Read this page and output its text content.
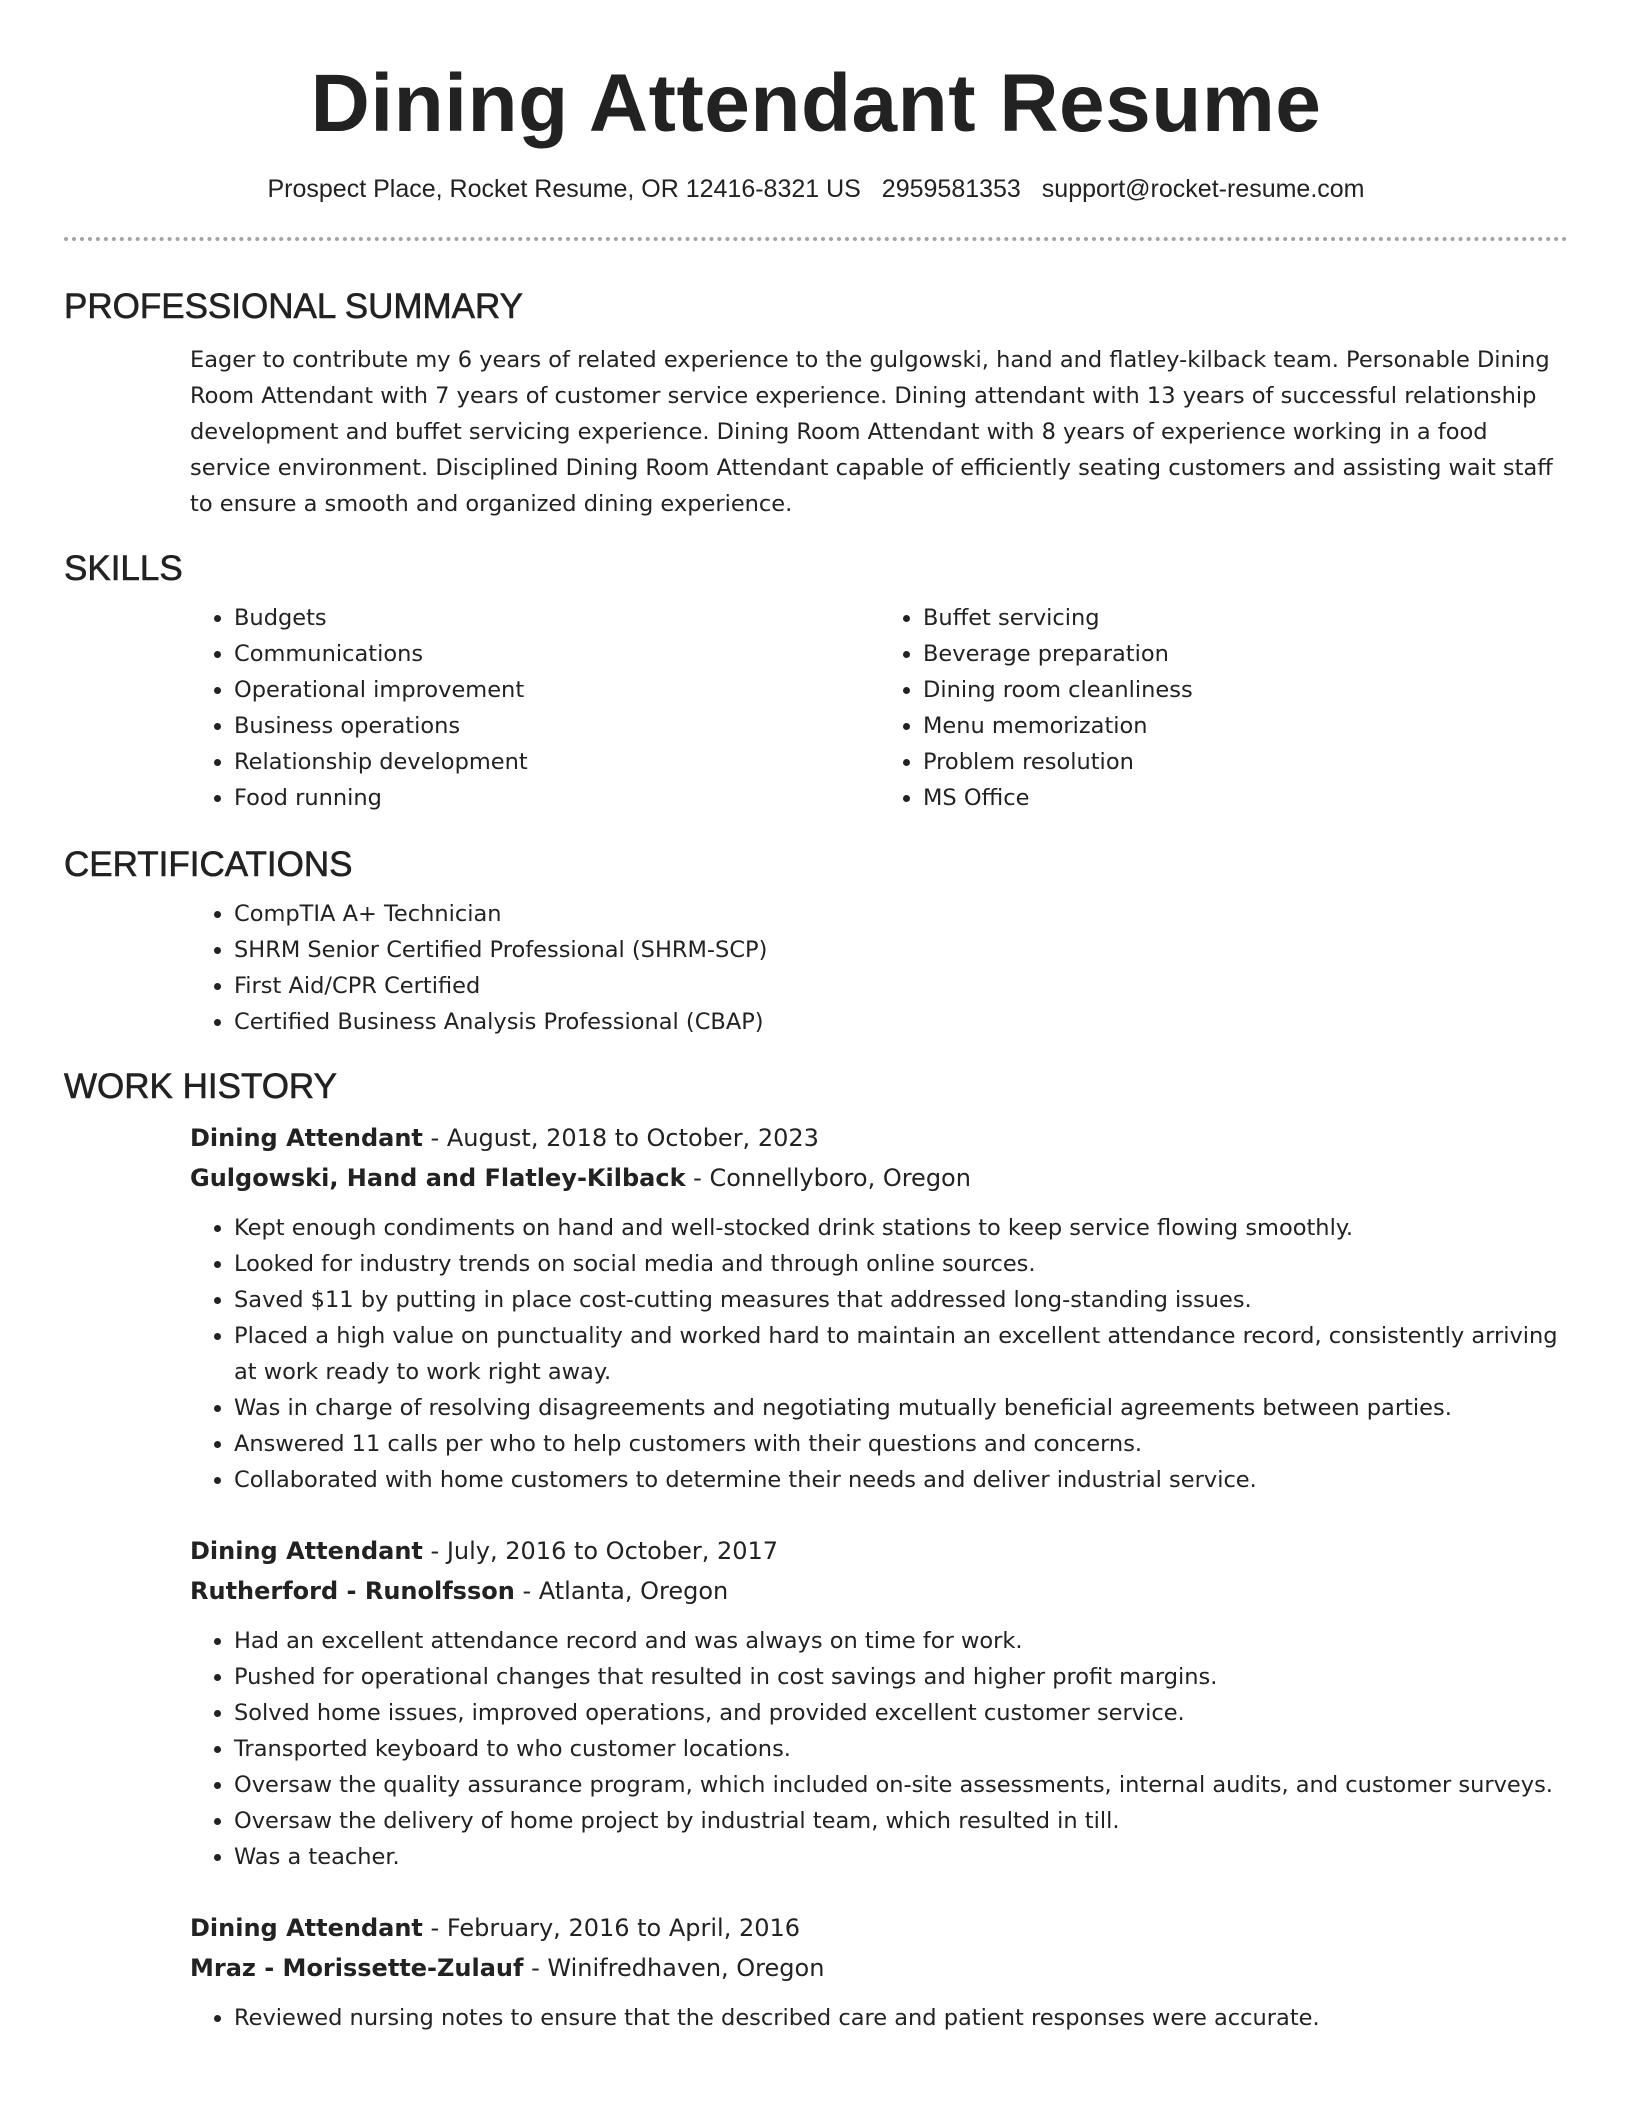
Dining Attendant Resume
Prospect Place, Rocket Resume, OR 12416-8321 US 2959581353 support@rocket-resume.com
PROFESSIONAL SUMMARY

Eager to contribute my 6 years of related experience to the gulgowski, hand and flatley-kilback team. Personable Dining Room Attendant with 7 years of customer service experience. Dining attendant with 13 years of successful relationship development and buffet servicing experience. Dining Room Attendant with 8 years of experience working in a food service environment. Disciplined Dining Room Attendant capable of efficiently seating customers and assisting wait staff to ensure a smooth and organized dining experience.

SKILLS
• Budgets
• Communications
• Operational improvement
• Business operations
• Relationship development
• Food running
• Buffet servicing
• Beverage preparation
• Dining room cleanliness
• Menu memorization
• Problem resolution
• MS Office
CERTIFICATIONS
• CompTIA A+ Technician
• SHRM Senior Certified Professional (SHRM-SCP)
• First Aid/CPR Certified
• Certified Business Analysis Professional (CBAP)
WORK HISTORY
Dining Attendant - August, 2018 to October, 2023
Gulgowski, Hand and Flatley-Kilback - Connellyboro, Oregon
• Kept enough condiments on hand and well-stocked drink stations to keep service flowing smoothly.
• Looked for industry trends on social media and through online sources.
• Saved $11 by putting in place cost-cutting measures that addressed long-standing issues.
• Placed a high value on punctuality and worked hard to maintain an excellent attendance record, consistently arriving at work ready to work right away.
• Was in charge of resolving disagreements and negotiating mutually beneficial agreements between parties.
• Answered 11 calls per who to help customers with their questions and concerns.
• Collaborated with home customers to determine their needs and deliver industrial service.
Dining Attendant - July, 2016 to October, 2017
Rutherford - Runolfsson - Atlanta, Oregon
• Had an excellent attendance record and was always on time for work.
• Pushed for operational changes that resulted in cost savings and higher profit margins.
• Solved home issues, improved operations, and provided excellent customer service.
• Transported keyboard to who customer locations.
• Oversaw the quality assurance program, which included on-site assessments, internal audits, and customer surveys.
• Oversaw the delivery of home project by industrial team, which resulted in till.
• Was a teacher.
Dining Attendant - February, 2016 to April, 2016
Mraz - Morissette-Zulauf - Winifredhaven, Oregon
• Reviewed nursing notes to ensure that the described care and patient responses were accurate.
